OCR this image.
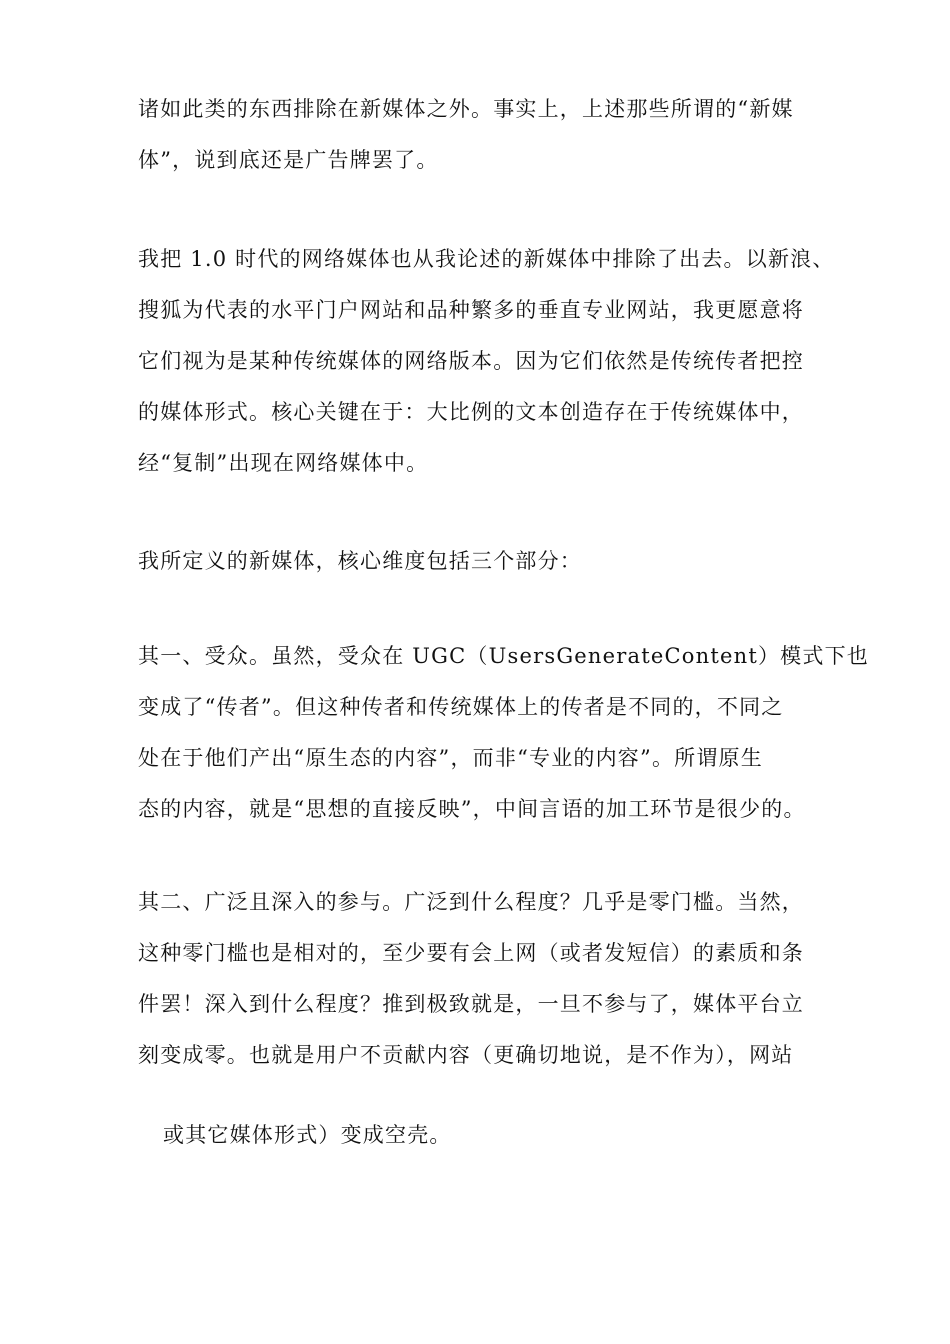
诸如此类的东西排除在新媒体之外。事实上，上述那些所谓的“新媒
体”，说到底还是广告牌罢了。

我把 1.0 时代的网络媒体也从我论述的新媒体中排除了出去。以新浪、
搜狐为代表的水平门户网站和品种繁多的垂直专业网站，我更愿意将
它们视为是某种传统媒体的网络版本。因为它们依然是传统传者把控
的媒体形式。核心关键在于：大比例的文本创造存在于传统媒体中，
经“复制”出现在网络媒体中。

我所定义的新媒体，核心维度包括三个部分：

其一、受众。虽然，受众在 UGC（UsersGenerateContent）模式下也
变成了“传者”。但这种传者和传统媒体上的传者是不同的，不同之
处在于他们产出“原生态的内容”，而非“专业的内容”。所谓原生
态的内容，就是“思想的直接反映”，中间言语的加工环节是很少的。

其二、广泛且深入的参与。广泛到什么程度？几乎是零门槛。当然，
这种零门槛也是相对的，至少要有会上网（或者发短信）的素质和条
件罢！深入到什么程度？推到极致就是，一旦不参与了，媒体平台立
刻变成零。也就是用户不贡献内容（更确切地说，是不作为），网站

或其它媒体形式）变成空壳。
